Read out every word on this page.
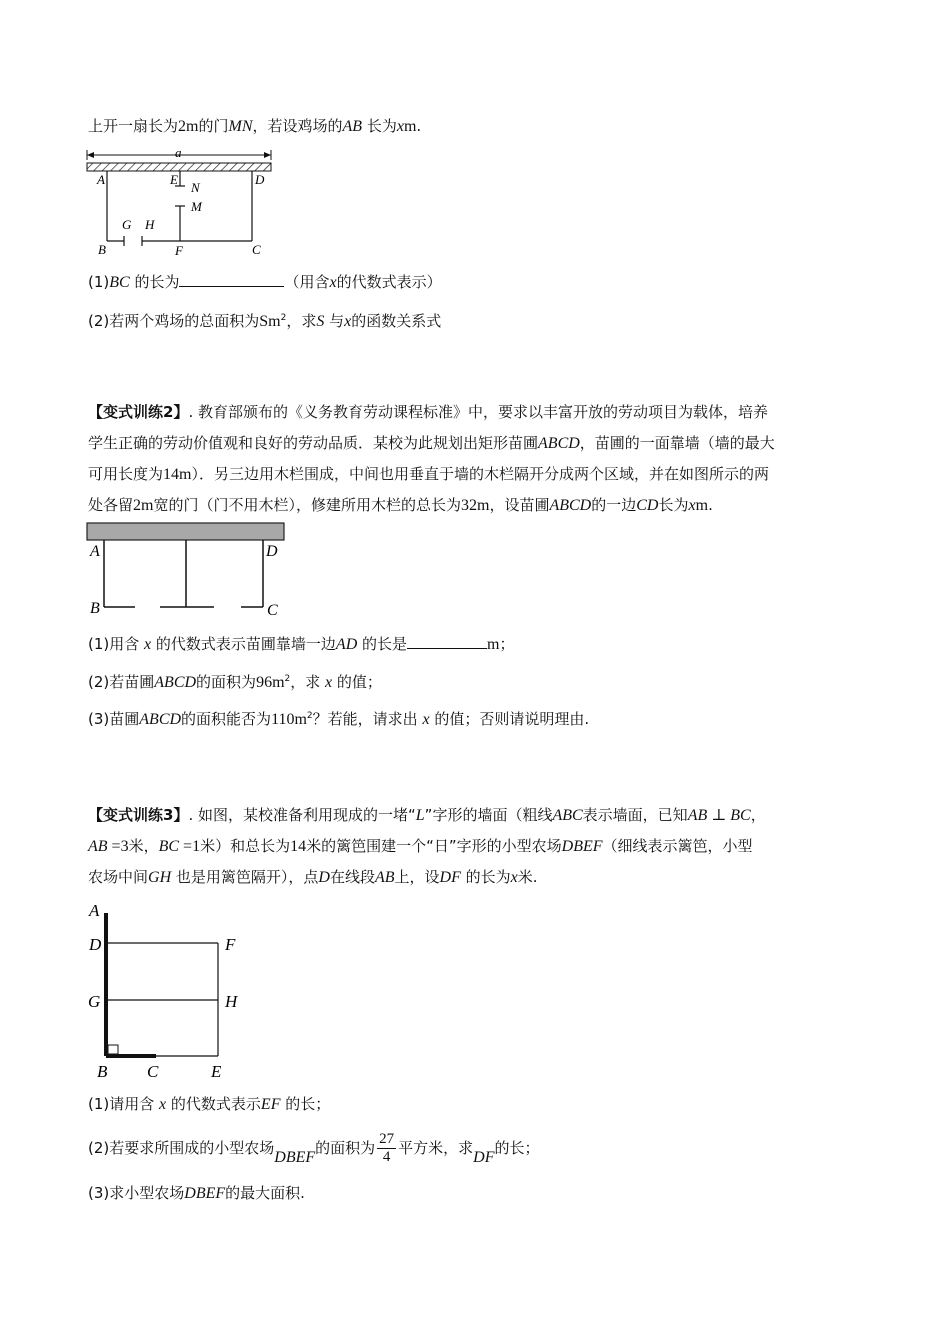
上开一扇长为2m的门MN，若设鸡场的AB 长为xm.
a
A	E	D
N
M
G H
B	F	C
(1)BC 的长为	（用含x的代数式表示）
(2)若两个鸡场的总面积为Sm$^2$，求S 与x的函数关系式
【变式训练2】. 教育部颁布的《义务教育劳动课程标准》中，要求以丰富开放的劳动项目为载体，培养
学生正确的劳动价值观和良好的劳动品质．某校为此规划出矩形苗圃ABCD，苗圃的一面靠墙（墙的最大
可用长度为14m）．另三边用木栏围成，中间也用垂直于墙的木栏隔开分成两个区域，并在如图所示的两
处各留2m宽的门（门不用木栏），修建所用木栏的总长为32m，设苗圃ABCD的一边CD长为xm.
A	D
B	C
(1)用含 x 的代数式表示苗圃靠墙一边AD 的长是	m；
(2)若苗圃ABCD的面积为$96m^2$，求 x 的值；
(3)苗圃ABCD的面积能否为$110m^2$？若能，请求出 x 的值；否则请说明理由.
【变式训练3】. 如图，某校准备利用现成的一堵“L”字形的墙面（粗线ABC表示墙面，已知AB ⊥ BC，
AB =3米，BC =1米）和总长为14米的篱笆围建一个“日”字形的小型农场DBEF（细线表示篱笆，小型
农场中间GH 也是用篱笆隔开），点D在线段AB上，设DF 的长为x米.
A
D	F
G	H
B C	E
(1)请用含 x 的代数式表示EF 的长；
(2)若要求所围成的小型农场DBEF的面积为 $\frac{27}{4}$ 平方米，求DF的长；
(3)求小型农场DBEF的最大面积.
